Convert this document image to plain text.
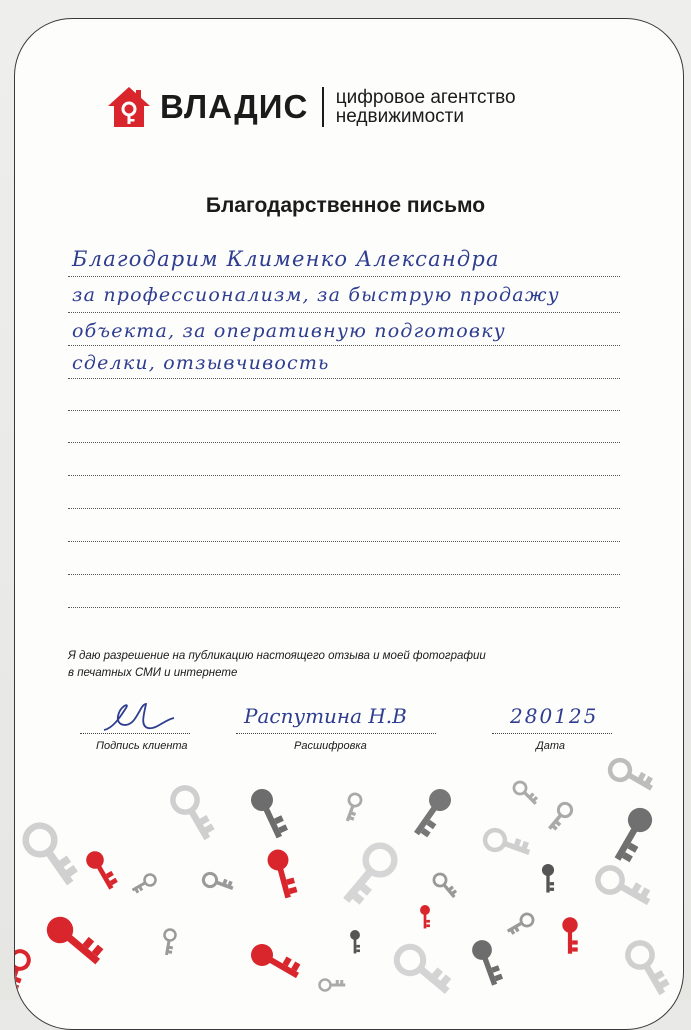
ВЛАДИС цифровое агентство
недвижимости
Благодарственное письмо
Благодарим Клименко Александра
за профессионализм, за быструю продажу
объекта, за оперативную подготовку
сделки, отзывчивость
Я даю разрешение на публикацию настоящего отзыва и моей фотографии
в печатных СМИ и интернете
Подпись клиента
Распутина Н.В
Расшифровка
280125
Дата
